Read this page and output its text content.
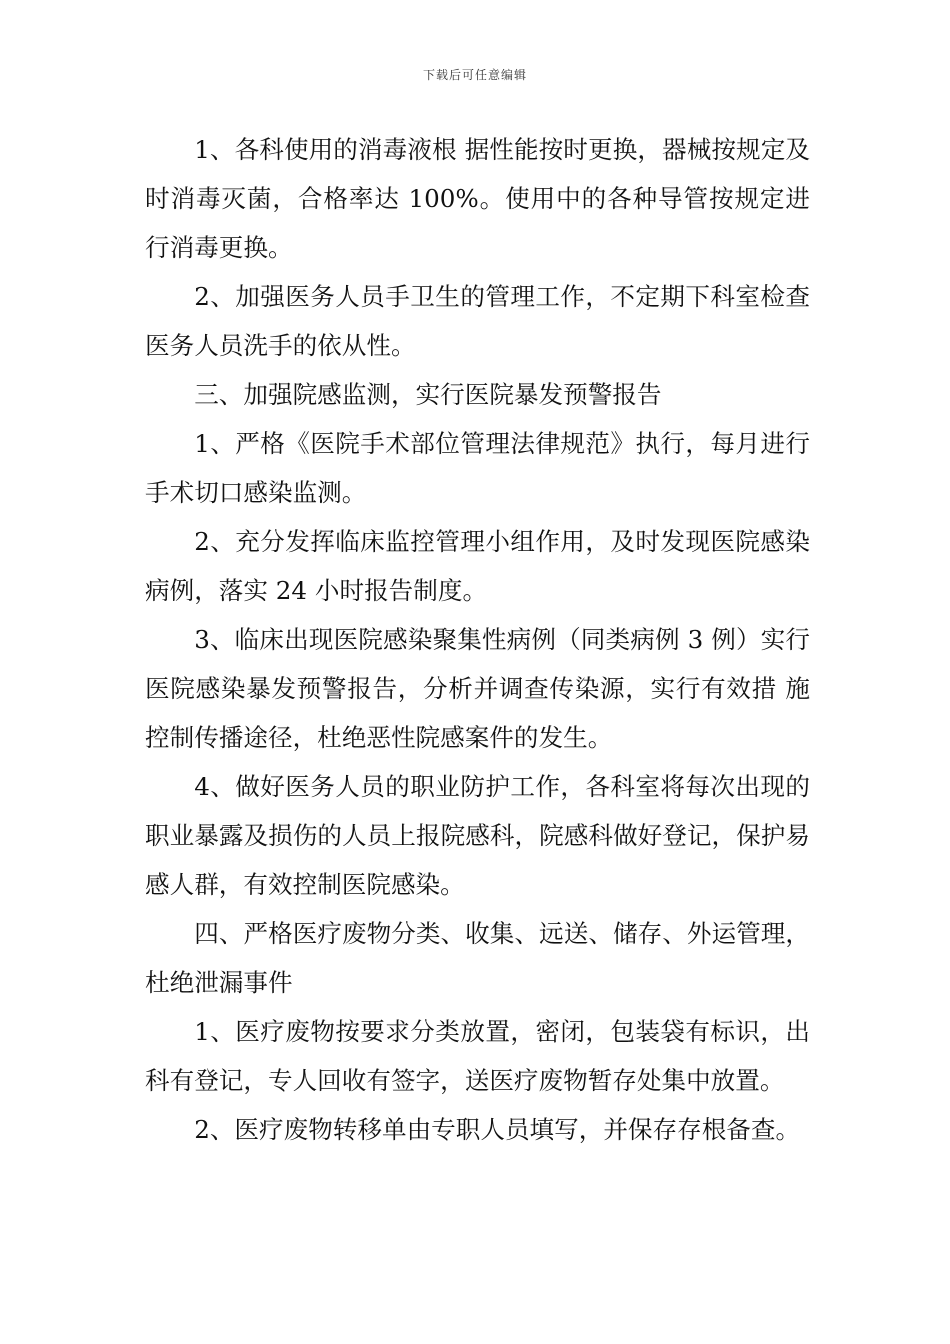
下载后可任意编辑

1、各科使用的消毒液根 据性能按时更换，器械按规定及时消毒灭菌，合格率达 100%。使用中的各种导管按规定进行消毒更换。

2、加强医务人员手卫生的管理工作，不定期下科室检查医务人员洗手的依从性。

三、加强院感监测，实行医院暴发预警报告

1、严格《医院手术部位管理法律规范》执行，每月进行手术切口感染监测。

2、充分发挥临床监控管理小组作用，及时发现医院感染病例，落实 24 小时报告制度。

3、临床出现医院感染聚集性病例（同类病例 3 例）实行医院感染暴发预警报告，分析并调查传染源，实行有效措 施控制传播途径，杜绝恶性院感案件的发生。

4、做好医务人员的职业防护工作，各科室将每次出现的职业暴露及损伤的人员上报院感科，院感科做好登记，保护易感人群，有效控制医院感染。

四、严格医疗废物分类、收集、远送、储存、外运管理， 杜绝泄漏事件

1、医疗废物按要求分类放置，密闭，包装袋有标识，出科有登记，专人回收有签字，送医疗废物暂存处集中放置。

2、医疗废物转移单由专职人员填写，并保存存根备查。
